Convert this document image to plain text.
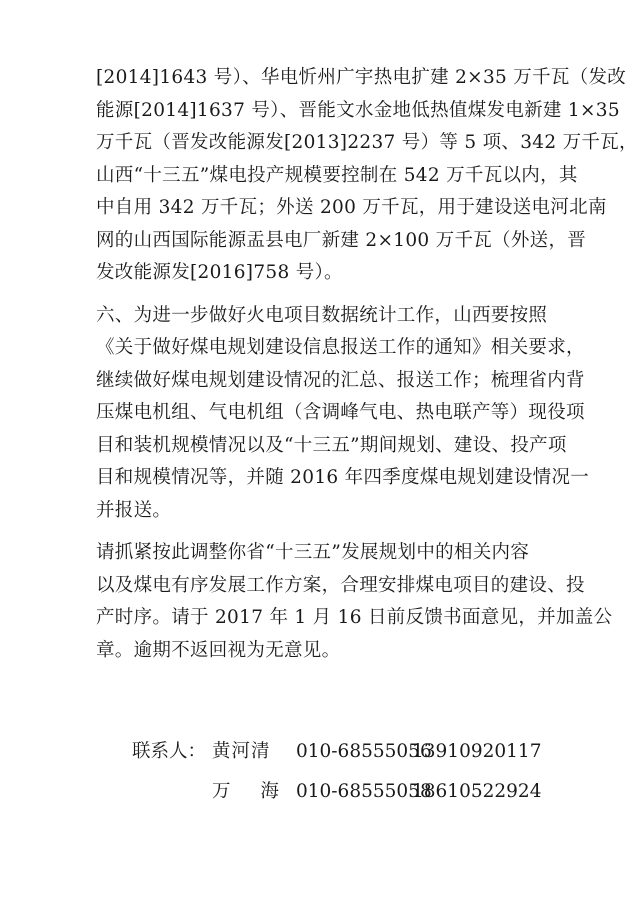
[2014]1643 号）、华电忻州广宇热电扩建 2×35 万千瓦（发改
能源[2014]1637 号）、晋能文水金地低热值煤发电新建 1×35
万千瓦（晋发改能源发[2013]2237 号）等 5 项、342 万千瓦，
山西“十三五”煤电投产规模要控制在 542 万千瓦以内，其
中自用 342 万千瓦；外送 200 万千瓦，用于建设送电河北南
网的山西国际能源盂县电厂新建 2×100 万千瓦（外送，晋
发改能源发[2016]758 号）。
六、为进一步做好火电项目数据统计工作，山西要按照
《关于做好煤电规划建设信息报送工作的通知》相关要求，
继续做好煤电规划建设情况的汇总、报送工作；梳理省内背
压煤电机组、气电机组（含调峰气电、热电联产等）现役项
目和装机规模情况以及“十三五”期间规划、建设、投产项
目和规模情况等，并随 2016 年四季度煤电规划建设情况一
并报送。
请抓紧按此调整你省“十三五”发展规划中的相关内容
以及煤电有序发展工作方案，合理安排煤电项目的建设、投
产时序。请于 2017 年 1 月 16 日前反馈书面意见，并加盖公
章。逾期不返回视为无意见。
联系人： 黄河清 010-68555056
13910920117
万 海 010-68555058
18610522924
